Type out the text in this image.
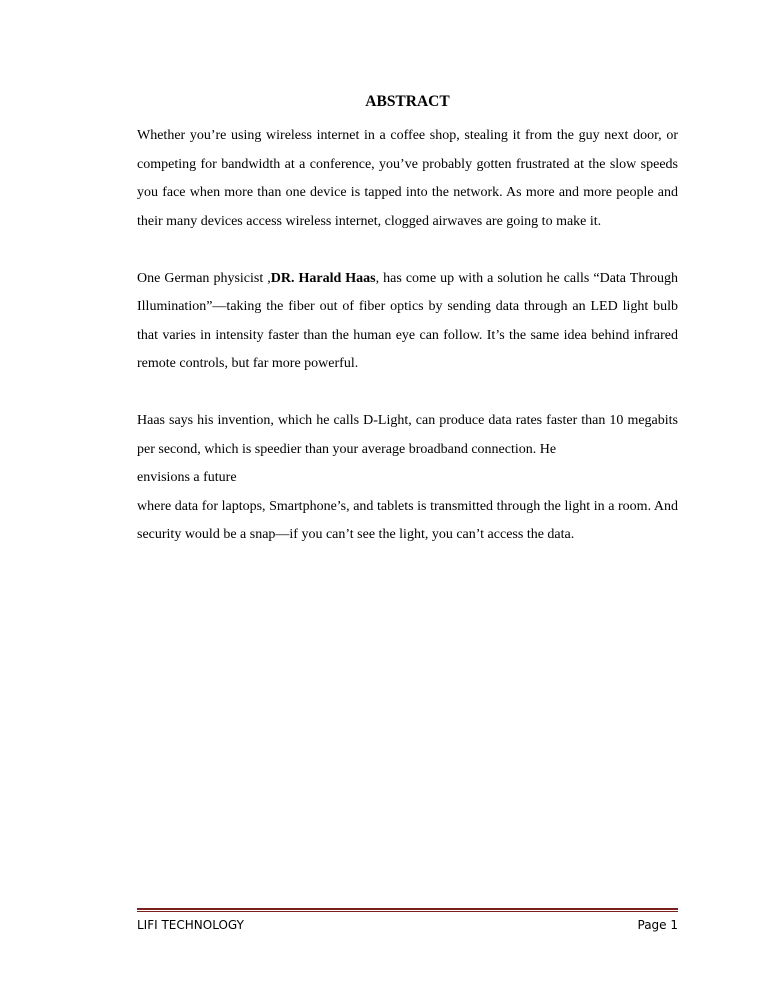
ABSTRACT

Whether you’re using wireless internet in a coffee shop, stealing it from the guy next door, or competing for bandwidth at a conference, you’ve probably gotten frustrated at the slow speeds you face when more than one device is tapped into the network. As more and more people and their many devices access wireless internet, clogged airwaves are going to make it.

One German physicist ,DR. Harald Haas, has come up with a solution he calls “Data Through Illumination”—taking the fiber out of fiber optics by sending data through an LED light bulb that varies in intensity faster than the human eye can follow. It’s the same idea behind infrared remote controls, but far more powerful.

Haas says his invention, which he calls D-Light, can produce data rates faster than 10 megabits per second, which is speedier than your average broadband connection. He

envisions a future

where data for laptops, Smartphone’s, and tablets is transmitted through the light in a room. And security would be a snap—if you can’t see the light, you can’t access the data.

LIFI TECHNOLOGY	Page 1
